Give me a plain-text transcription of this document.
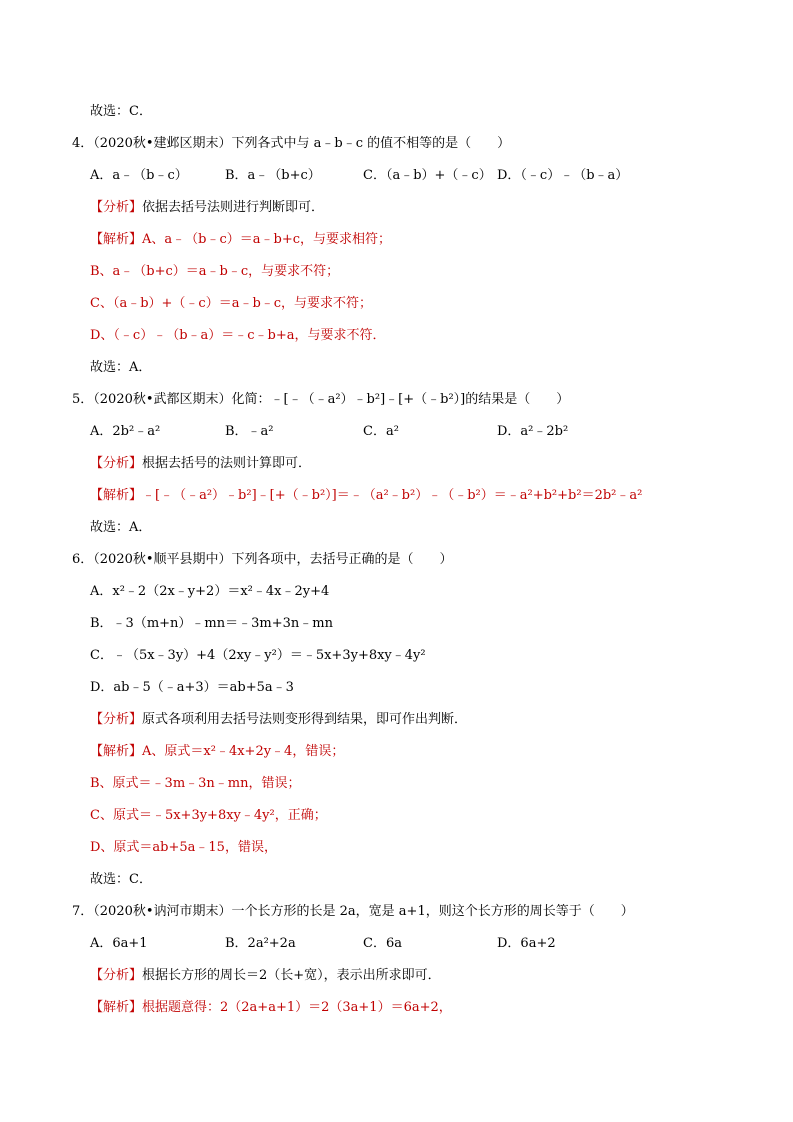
故选：C．
4．（2020秋•建邺区期末）下列各式中与 a﹣b﹣c 的值不相等的是（　　）
A．a﹣（b﹣c）	B．a﹣（b+c）	C．（a﹣b）+（﹣c） D．（﹣c）﹣（b﹣a）
【分析】依据去括号法则进行判断即可．
【解析】A、a﹣（b﹣c）＝a﹣b+c，与要求相符；
B、a﹣（b+c）＝a﹣b﹣c，与要求不符；
C、（a﹣b）+（﹣c）＝a﹣b﹣c，与要求不符；
D、（﹣c）﹣（b﹣a）＝﹣c﹣b+a，与要求不符．
故选：A．
5．（2020秋•武都区期末）化简：﹣[﹣（﹣a²）﹣b²]﹣[+（﹣b²）]的结果是（　　）
A．2b²﹣a²	B．﹣a²	C．a²	D．a²﹣2b²
【分析】根据去括号的法则计算即可．
【解析】﹣[﹣（﹣a²）﹣b²]﹣[+（﹣b²）]＝﹣（a²﹣b²）﹣（﹣b²）＝﹣a²+b²+b²＝2b²﹣a²
故选：A．
6．（2020秋•顺平县期中）下列各项中，去括号正确的是（　　）
A．x²﹣2（2x﹣y+2）＝x²﹣4x﹣2y+4
B．﹣3（m+n）﹣mn＝﹣3m+3n﹣mn
C．﹣（5x﹣3y）+4（2xy﹣y²）＝﹣5x+3y+8xy﹣4y²
D．ab﹣5（﹣a+3）＝ab+5a﹣3
【分析】原式各项利用去括号法则变形得到结果，即可作出判断．
【解析】A、原式＝x²﹣4x+2y﹣4，错误；
B、原式＝﹣3m﹣3n﹣mn，错误；
C、原式＝﹣5x+3y+8xy﹣4y²，正确；
D、原式＝ab+5a﹣15，错误，
故选：C．
7．（2020秋•讷河市期末）一个长方形的长是 2a，宽是 a+1，则这个长方形的周长等于（　　）
A．6a+1	B．2a²+2a	C．6a	D．6a+2
【分析】根据长方形的周长＝2（长+宽），表示出所求即可．
【解析】根据题意得：2（2a+a+1）＝2（3a+1）＝6a+2，
